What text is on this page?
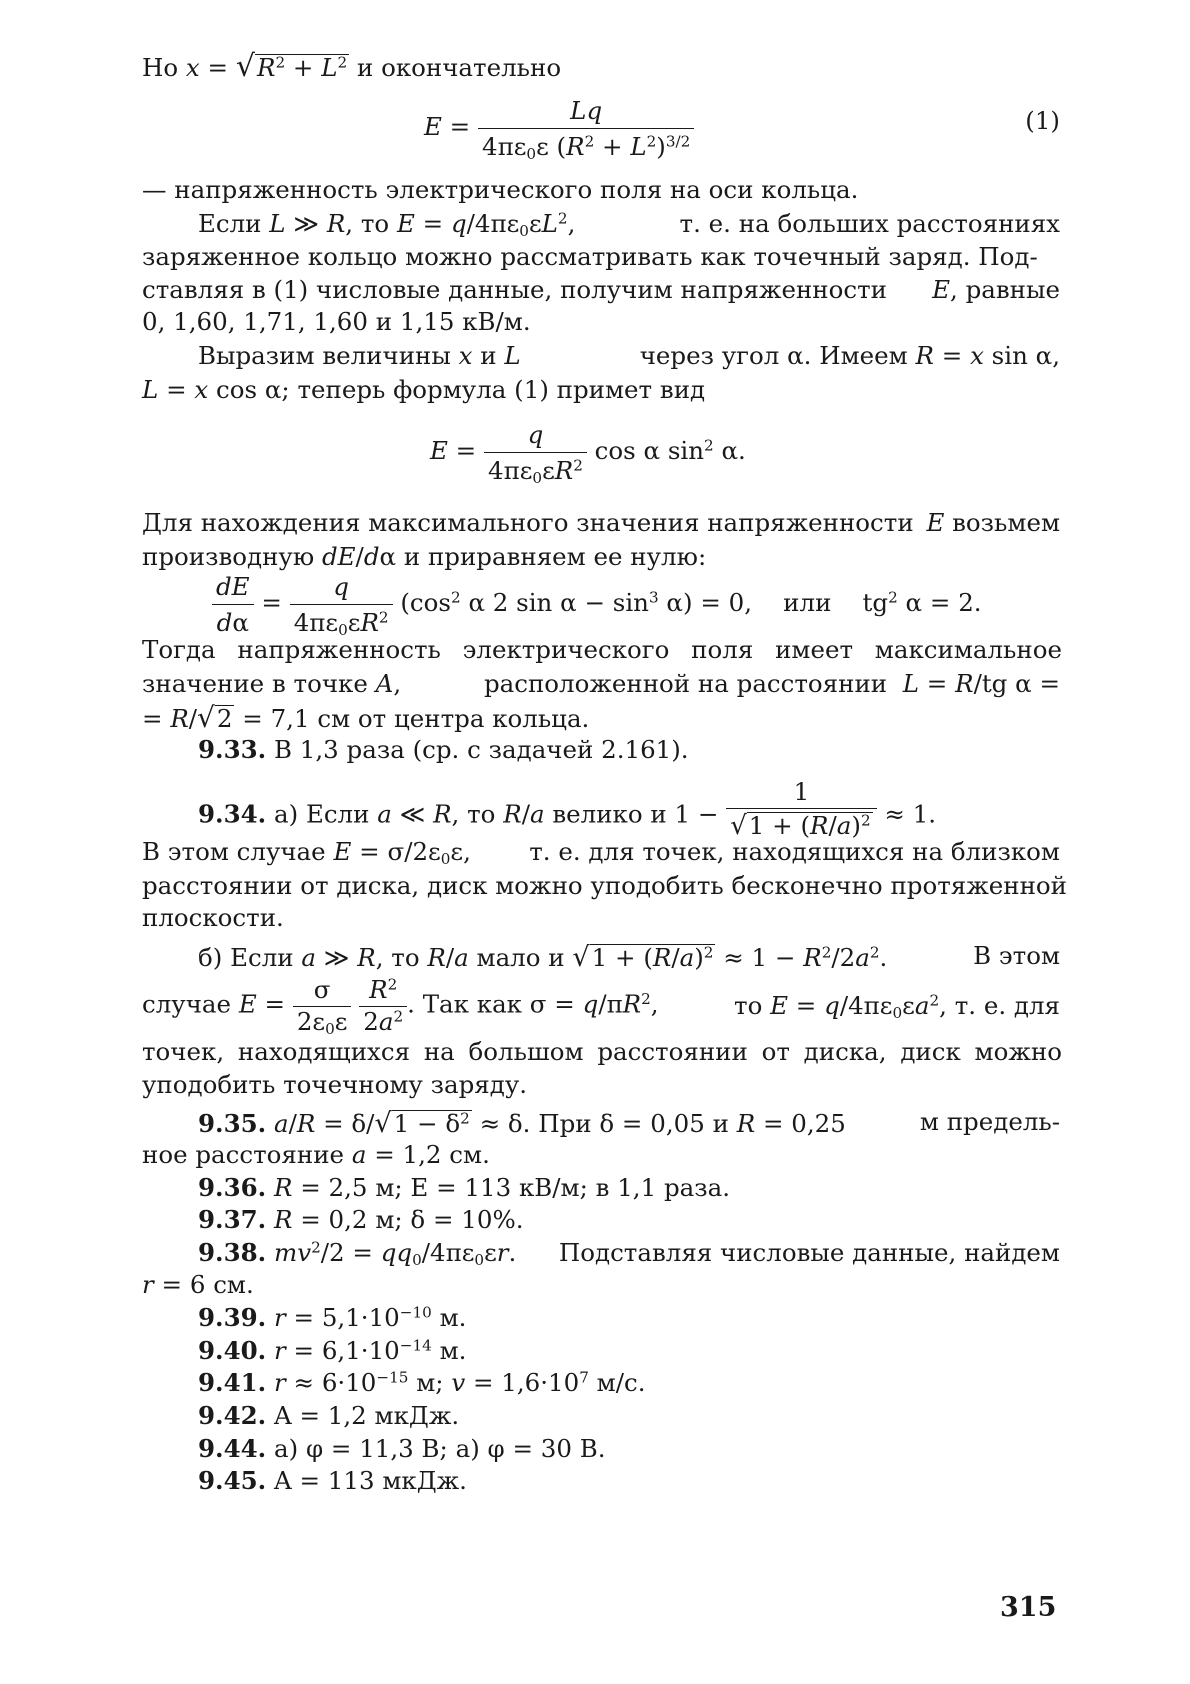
Но $x = √R^2 + L^2$ и окончательно
$E = \frac{Lq}{4\pi\varepsilon_0\varepsilon (R^2 + L^2)^{3/2}}$	(1)
— напряженность электрического поля на оси кольца.
Если L ≫ R, то $E = q/4\pi\varepsilon_0\varepsilon L^2$,	т. е. на больших расстояниях
заряженное кольцо можно рассматривать как точечный заряд. Под-
ставляя в (1) числовые данные, получим напряженности E, равные
0, 1,60, 1,71, 1,60 и 1,15 кВ/м.
Выразим величины x и L	через угол α. Имеем R = x sin α,
L = x cos α; теперь формула (1) примет вид
$E = \frac{q}{4\pi\varepsilon_0\varepsilon R^2}$ cos α $\sin^2 \alpha$.
Для нахождения максимального значения напряженности E возьмем
производную dE/dα и приравняем ее нулю:
$\frac{dE}{d\alpha} = \frac{q}{4\pi\varepsilon_0\varepsilon R^2} (\cos^2$ α 2 $\sin \alpha - \sin^3 \alpha) = 0$,    или    $tg^2$ α = 2.
Тогда напряженность электрического поля имеет максимальное
значение в точке A,	расположенной на расстоянии L = R/tg α =
= R/√2 = 7,1 см от центра кольца.
9.33. В 1,3 раза (ср. с задачей 2.161).
9.34. а) Если a ≪ R, то R/a велико и $1 - \frac{1}{√1 + (R/a)^2} \approx 1$.
В этом случае $E = \sigma/2\varepsilon_0\varepsilon$, т. е. для точек, находящихся на близком
расстоянии от диска, диск можно уподобить бесконечно протяженной
плоскости.
б) Если a ≫ R, то R/a мало и $√1 + (R/a)^2 \approx 1 - R^2/2a^2$.	В этом
случае $E = \frac{\sigma}{2\varepsilon_0\varepsilon}$
$\frac{R^2}{2a^2}$ . Так как $\sigma = q/\pi R^2$,	то $E = q/4\pi\varepsilon_0\varepsilon a^2$, т. е. для
точек, находящихся на большом расстоянии от диска, диск можно
уподобить точечному заряду.
9.35. $a/R = \delta/√1 - \delta^2 \approx \delta$. При δ = 0,05 и R = 0,25	м предель-
ное расстояние a = 1,2 см.
9.36. R = 2,5 м; E = 113 кВ/м; в 1,1 раза.
9.37. R = 0,2 м; δ = 10%.
9.38. $mv^2/2 = qq_0/4\pi\varepsilon_0\varepsilon r$. Подставляя числовые данные, найдем
r = 6 см.
9.39. $r = 5,1\cdot 10^{-10}$ м.
9.40. $r = 6,1\cdot 10^{-14}$ м.
9.41. $r \approx 6\cdot 10^{-15}$ м; $v = 1,6\cdot 10^7$ м/с.
9.42. A = 1,2 мкДж.
9.44. а) φ = 11,3 В; а) φ = 30 В.
9.45. A = 113 мкДж.
315
